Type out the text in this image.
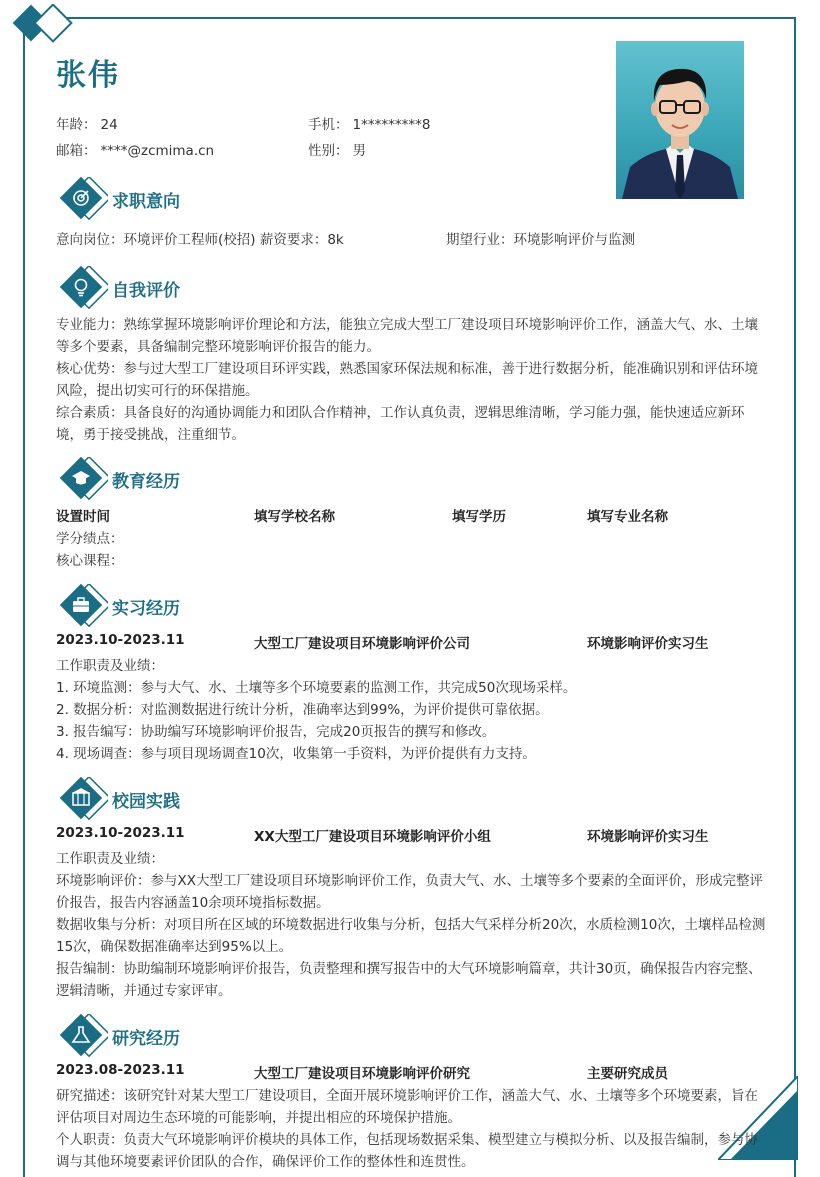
张伟
年龄： 24	手机： 1*********8
邮箱： ****@zcmima.cn	性别： 男
求职意向
意向岗位：环境评价工程师(校招) 薪资要求：8k	期望行业：环境影响评价与监测
自我评价

专业能力：熟练掌握环境影响评价理论和方法，能独立完成大型工厂建设项目环境影响评价工作，涵盖大气、水、土壤等多个要素，具备编制完整环境影响评价报告的能力。

核心优势：参与过大型工厂建设项目环评实践，熟悉国家环保法规和标准，善于进行数据分析，能准确识别和评估环境风险，提出切实可行的环保措施。

综合素质：具备良好的沟通协调能力和团队合作精神，工作认真负责，逻辑思维清晰，学习能力强，能快速适应新环境，勇于接受挑战，注重细节。

教育经历
设置时间	填写学校名称	填写学历	填写专业名称
学分绩点：
核心课程：
实习经历
2023.10-2023.11	大型工厂建设项目环境影响评价公司	环境影响评价实习生

工作职责及业绩：

1. 环境监测：参与大气、水、土壤等多个环境要素的监测工作，共完成50次现场采样。

2. 数据分析：对监测数据进行统计分析，准确率达到99%，为评价提供可靠依据。

3. 报告编写：协助编写环境影响评价报告，完成20页报告的撰写和修改。

4. 现场调查：参与项目现场调查10次，收集第一手资料，为评价提供有力支持。

校园实践
2023.10-2023.11	XX大型工厂建设项目环境影响评价小组	环境影响评价实习生

工作职责及业绩：

环境影响评价：参与XX大型工厂建设项目环境影响评价工作，负责大气、水、土壤等多个要素的全面评价，形成完整评价报告，报告内容涵盖10余项环境指标数据。

数据收集与分析：对项目所在区域的环境数据进行收集与分析，包括大气采样分析20次，水质检测10次，土壤样品检测15次，确保数据准确率达到95%以上。

报告编制：协助编制环境影响评价报告，负责整理和撰写报告中的大气环境影响篇章，共计30页，确保报告内容完整、逻辑清晰，并通过专家评审。

研究经历
2023.08-2023.11	大型工厂建设项目环境影响评价研究	主要研究成员

研究描述：该研究针对某大型工厂建设项目，全面开展环境影响评价工作，涵盖大气、水、土壤等多个环境要素，旨在评估项目对周边生态环境的可能影响，并提出相应的环境保护措施。

个人职责：负责大气环境影响评价模块的具体工作，包括现场数据采集、模型建立与模拟分析、以及报告编制，参与协调与其他环境要素评价团队的合作，确保评价工作的整体性和连贯性。
